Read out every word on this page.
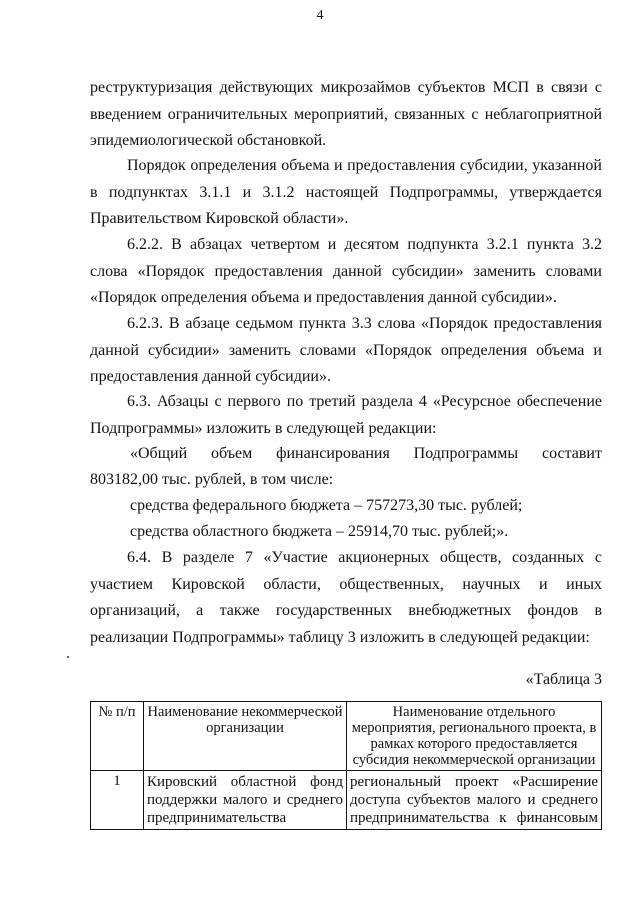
4

реструктуризация действующих микрозаймов субъектов МСП в связи с введением ограничительных мероприятий, связанных с неблагоприятной эпидемиологической обстановкой.

Порядок определения объема и предоставления субсидии, указанной в подпунктах 3.1.1 и 3.1.2 настоящей Подпрограммы, утверждается Правительством Кировской области».

6.2.2. В абзацах четвертом и десятом подпункта 3.2.1 пункта 3.2 слова «Порядок предоставления данной субсидии» заменить словами «Порядок определения объема и предоставления данной субсидии».

6.2.3. В абзаце седьмом пункта 3.3 слова «Порядок предоставления данной субсидии» заменить словами «Порядок определения объема и предоставления данной субсидии».

6.3. Абзацы с первого по третий раздела 4 «Ресурсное обеспечение Подпрограммы» изложить в следующей редакции:

«Общий объем финансирования Подпрограммы составит

803182,00 тыс. рублей, в том числе:

средства федерального бюджета – 757273,30 тыс. рублей;

средства областного бюджета – 25914,70 тыс. рублей;».

6.4. В разделе 7 «Участие акционерных обществ, созданных с участием Кировской области, общественных, научных и иных организаций, а также государственных внебюджетных фондов в реализации Подпрограммы» таблицу 3 изложить в следующей редакции:

«Таблица 3
№ п/п	Наименование некоммерческой организации	Наименование отдельного мероприятия, регионального проекта, в рамках которого предоставляется субсидия некоммерческой организации
1	Кировский областной фонд поддержки малого и среднего предпринимательства	региональный проект «Расширение доступа субъектов малого и среднего предпринимательства к финансовым
